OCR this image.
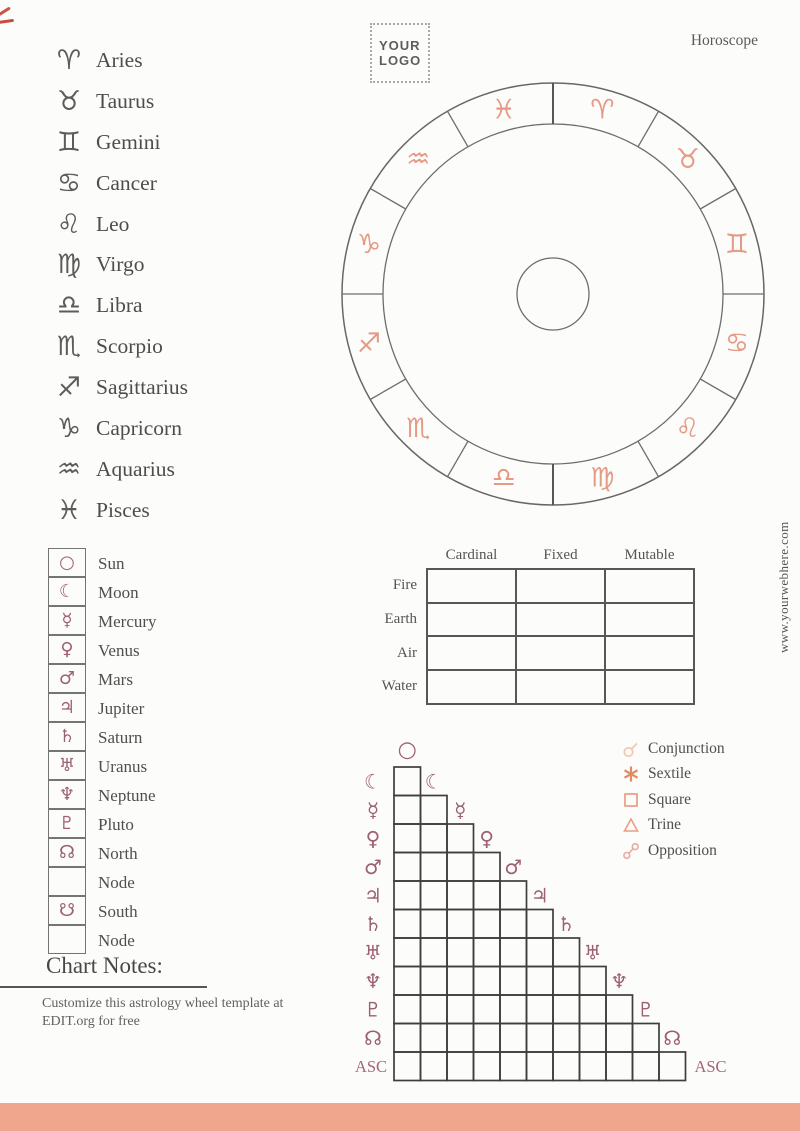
YOUR
LOGO
Horoscope
♈ Aries
♉ Taurus
♊ Gemini
♋ Cancer
♌ Leo
♍ Virgo
♎ Libra
♏ Scorpio
♐ Sagittarius
♑ Capricorn
♒ Aquarius
♓ Pisces
♈
♉
♊
♋
♌
♍
♎
♏
♐
♑
♒
♓
○	Sun
☾	Moon
☿	Mercury
♀	Venus
♂	Mars
♃	Jupiter
♄	Saturn
♅	Uranus
♆	Neptune
♇	Pluto
☊	North
Node
☋	South
Node
	Cardinal	Fixed	Mutable
Fire			
Earth			
Air			
Water			
○
☾ ☾
☿	☿
♀	♀
♂	♂
♃	♃
♄	♄
♅	♅
♆	♆
♇	♇
☊	☊
ASC	ASC
Conjunction
Sextile
Square
Trine
Opposition
Chart Notes:
Customize this astrology wheel template at
EDIT.org for free
www.yourwebhere.com
